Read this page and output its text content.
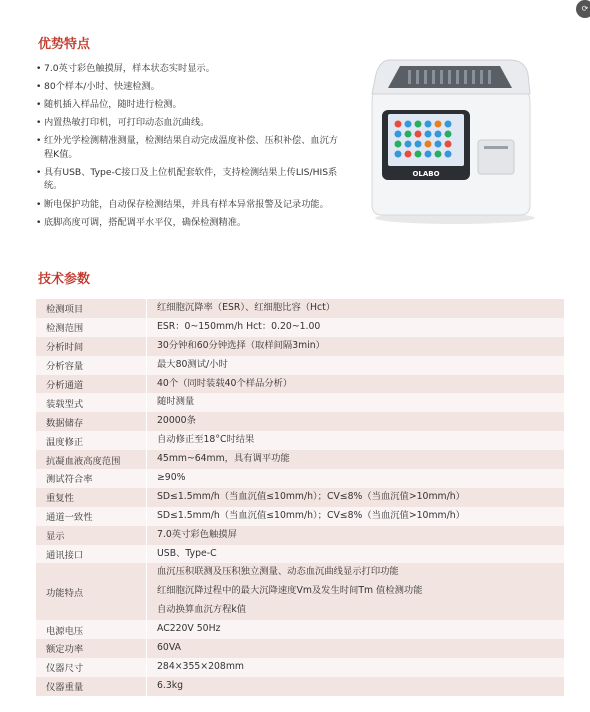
⟳
优势特点
• 7.0英寸彩色触摸屏，样本状态实时显示。
• 80个样本/小时、快速检测。
• 随机插入样品位，随时进行检测。
• 内置热敏打印机，可打印动态血沉曲线。
• 红外光学检测精准测量，检测结果自动完成温度补偿、压积补偿、血沉方程K值。
• 具有USB、Type-C接口及上位机配套软件，支持检测结果上传LIS/HIS系统。
• 断电保护功能，自动保存检测结果，并具有样本异常报警及记录功能。
• 底脚高度可调，搭配调平水平仪，确保检测精准。
OLABO
技术参数
检测项目	红细胞沉降率（ESR）、红细胞比容（Hct）

检测范围	ESR：0~150mm/h Hct：0.20~1.00

分析时间	30分钟和60分钟选择（取样间隔3min）

分析容量	最大80测试/小时

分析通道	40个（同时装载40个样品分析）

装载型式	随时测量

数据储存	20000条

温度修正	自动修正至18°C时结果

抗凝血液高度范围	45mm~64mm，具有调平功能

测试符合率	≥90%

重复性	SD≤1.5mm/h（当血沉值≤10mm/h）；CV≤8%（当血沉值>10mm/h）

通道一致性	SD≤1.5mm/h（当血沉值≤10mm/h）；CV≤8%（当血沉值>10mm/h）

显示	7.0英寸彩色触摸屏

通讯接口	USB、Type-C

功能特点	血沉压积联测及压积独立测量、动态血沉曲线显示打印功能
红细胞沉降过程中的最大沉降速度Vm及发生时间Tm 值检测功能
自动换算血沉方程k值

电源电压	AC220V 50Hz

额定功率	60VA

仪器尺寸	284×355×208mm

仪器重量	6.3kg
